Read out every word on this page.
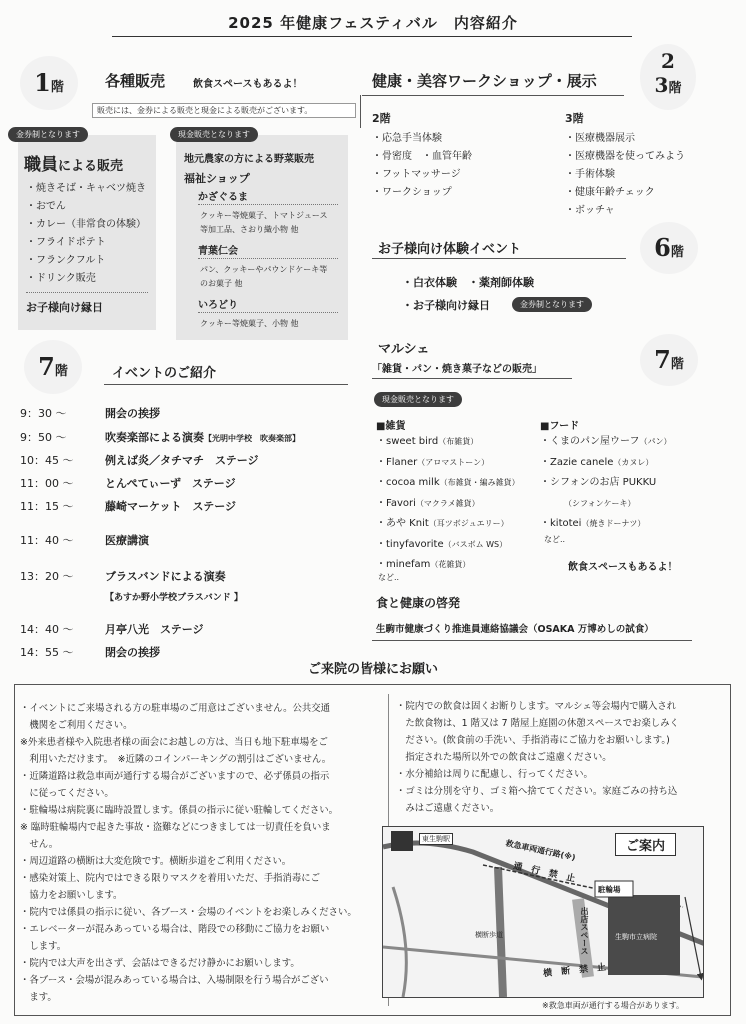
2025 年健康フェスティバル　内容紹介
1階	各種販売	飲食スペースもあるよ！
販売には、金券による販売と現金による販売がございます。
金券制となります
職員による販売
・焼きそば・キャベツ焼き
・おでん
・カレー（非常食の体験）
・フライドポテト
・フランクフルト
・ドリンク販売
お子様向け縁日
現金販売となります
地元農家の方による野菜販売
福祉ショップ
かざぐるま
クッキー等焼菓子、トマトジュース
等加工品、さおり織小物 他
青葉仁会
パン、クッキーやパウンドケーキ等
のお菓子 他
いろどり
クッキー等焼菓子、小物 他
健康・美容ワークショップ・展示
2
3階
2階
・応急手当体験
・骨密度　・血管年齢
・フットマッサージ
・ワークショップ
3階
・医療機器展示
・医療機器を使ってみよう
・手術体験
・健康年齢チェック
・ボッチャ
お子様向け体験イベント	6階
・白衣体験　・薬剤師体験
・お子様向け縁日	金券制となります
7階	イベントのご紹介
9：30 ～	開会の挨拶
9：50 ～	吹奏楽部による演奏【光明中学校　吹奏楽部】
10：45 ～	例えば炎／タチマチ　ステージ
11：00 ～	とんぺてぃーず　ステージ
11：15 ～	藤崎マーケット　ステージ
11：40 ～	医療講演
13：20 ～	ブラスバンドによる演奏
【あすか野小学校ブラスバンド 】
14：40 ～	月亭八光　ステージ
14：55 ～	閉会の挨拶
マルシェ
「雑貨・パン・焼き菓子などの販売」	7階
現金販売となります
■雑貨
・sweet bird（布雑貨）
・Flaner（アロマストーン）
・cocoa milk（布雑貨・編み雑貨）
・Favori（マクラメ雑貨）
・あや Knit（耳ツボジュエリー）
・tinyfavorite（バスボム WS）
・minefam（花雑貨）
など..
■フード
・くまのパン屋ウーフ（パン）
・Zazie canele（カヌレ）
・シフォンのお店 PUKKU
（シフォンケーキ）
・kitotei（焼きドーナツ）
など..
飲食スペースもあるよ！
食と健康の啓発
生駒市健康づくり推進員連絡協議会（OSAKA 万博めしの試食）
ご来院の皆様にお願い
・イベントにご来場される方の駐車場のご用意はございません。公共交通
　機関をご利用ください。
※外来患者様や入院患者様の面会にお越しの方は、当日も地下駐車場をご
　利用いただけます。　※近隣のコインパーキングの割引はございません。
・近隣道路は救急車両が通行する場合がございますので、必ず係員の指示
　に従ってください。
・駐輪場は病院裏に臨時設置します。係員の指示に従い駐輪してください。
※ 臨時駐輪場内で起きた事故・盗難などにつきましては一切責任を負いま
　せん。
・周辺道路の横断は大変危険です。横断歩道をご利用ください。
・感染対策上、院内ではできる限りマスクを着用いただ、手指消毒にご
　協力をお願いします。
・院内では係員の指示に従い、各ブース・会場のイベントをお楽しみください。
・エレベーターが混みあっている場合は、階段での移動にご協力をお願い
　します。
・院内では大声を出さず、会話はできるだけ静かにお願いします。
・各ブース・会場が混みあっている場合は、入場制限を行う場合がござい
　ます。
・院内での飲食は固くお断りします。マルシェ等会場内で購入され
　た飲食物は、1 階又は 7 階屋上庭園の休憩スペースでお楽しみく
　ださい。(飲食前の手洗い、手指消毒にご協力をお願いします。)
　指定された場所以外での飲食はご遠慮ください。
・水分補給は周りに配慮し、行ってください。
・ゴミは分別を守り、ゴミ箱へ捨ててください。家庭ごみの持ち込
　みはご遠慮ください。
ご案内
東生駒駅	救急車両通行路(※)
通　行　禁　止
駐輪場
出店スペース	生駒市立病院
横断歩道
横　断　禁　止
※救急車両が通行する場合があります。
